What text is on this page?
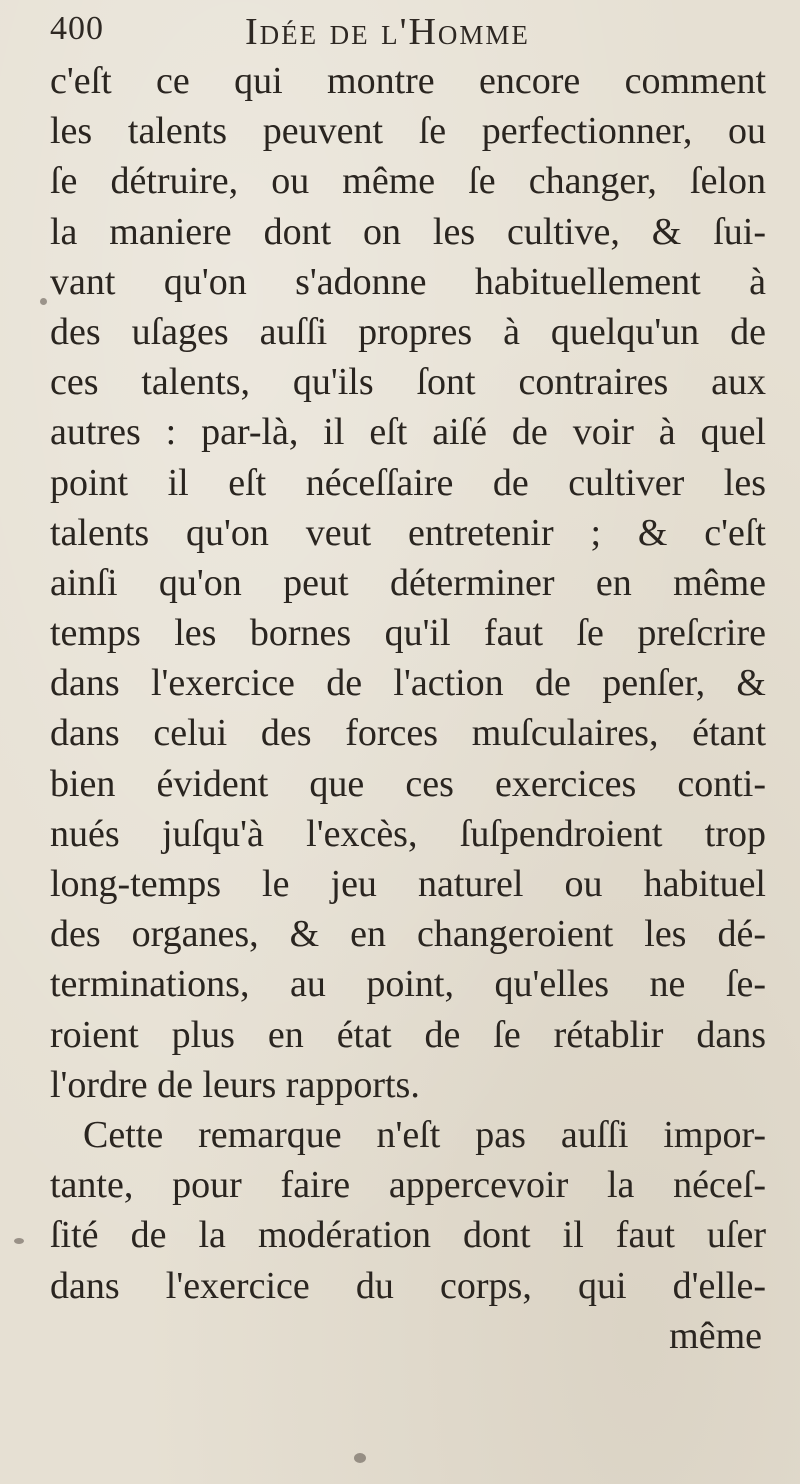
400	Idée de l'Homme
c'eſt ce qui montre encore comment
les talents peuvent ſe perfectionner, ou
ſe détruire, ou même ſe changer, ſelon
la maniere dont on les cultive, & ſui-
vant qu'on s'adonne habituellement à
des uſages auſſi propres à quelqu'un de
ces talents, qu'ils ſont contraires aux
autres : par-là, il eſt aiſé de voir à quel
point il eſt néceſſaire de cultiver les
talents qu'on veut entretenir ; & c'eſt
ainſi qu'on peut déterminer en même
temps les bornes qu'il faut ſe preſcrire
dans l'exercice de l'action de penſer, &
dans celui des forces muſculaires, étant
bien évident que ces exercices conti-
nués juſqu'à l'excès, ſuſpendroient trop
long-temps le jeu naturel ou habituel
des organes, & en changeroient les dé-
terminations, au point, qu'elles ne ſe-
roient plus en état de ſe rétablir dans
l'ordre de leurs rapports.
Cette remarque n'eſt pas auſſi impor-
tante, pour faire appercevoir la néceſ-
ſité de la modération dont il faut uſer
dans l'exercice du corps, qui d'elle-
même
